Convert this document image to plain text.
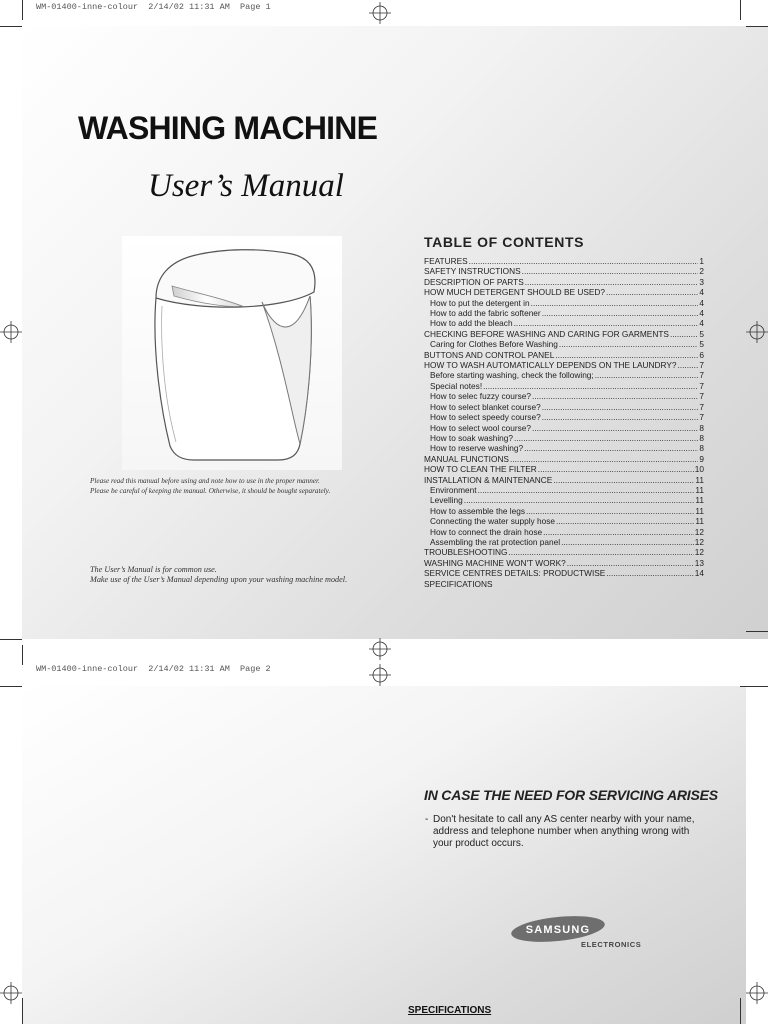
WM-01400-inne-colour  2/14/02 11:31 AM  Page 1
WM-01400-inne-colour  2/14/02 11:31 AM  Page 2
WASHING MACHINE
User’s Manual

Please read this manual before using and note how to use in the proper manner.

Please be careful of keeping the manual. Otherwise, it should be bought separately.

The User’s Manual is for common use.

Make use of the User’s Manual depending upon your washing machine model.

TABLE OF CONTENTS
FEATURES .....	1
SAFETY INSTRUCTIONS .....	2
DESCRIPTION OF PARTS .....	3
HOW MUCH DETERGENT SHOULD BE USED? .....	4
How to put the detergent in .....	4
How to add the fabric softener .....	4
How to add the bleach .....	4
CHECKING BEFORE WASHING AND CARING FOR GARMENTS .....	5
Caring for Clothes Before Washing .....	5
BUTTONS AND CONTROL PANEL .....	6
HOW TO WASH AUTOMATICALLY DEPENDS ON THE LAUNDRY? .....	7
Before starting washing, check the following; .....	7
Special notes! .....	7
How to selec fuzzy course? .....	7
How to select blanket course? .....	7
How to select speedy course? .....	7
How to select wool course? .....	8
How to soak washing? .....	8
How to reserve washing? .....	8
MANUAL FUNCTIONS .....	9
HOW TO CLEAN THE FILTER .....	10
INSTALLATION & MAINTENANCE .....	11
Environment .....	11
Levelling .....	11
How to assemble the legs .....	11
Connecting the water supply hose .....	11
How to connect the drain hose .....	12
Assembling the rat protection panel .....	12
TROUBLESHOOTING .....	12
WASHING MACHINE WON'T WORK? .....	13
SERVICE CENTRES DETAILS: PRODUCTWISE .....	14
SPECIFICATIONS
IN CASE THE NEED FOR SERVICING ARISES

- Don't hesitate to call any AS center nearby with your name, address and telephone number when anything wrong with your product occurs.

SAMSUNG
ELECTRONICS
SPECIFICATIONS
